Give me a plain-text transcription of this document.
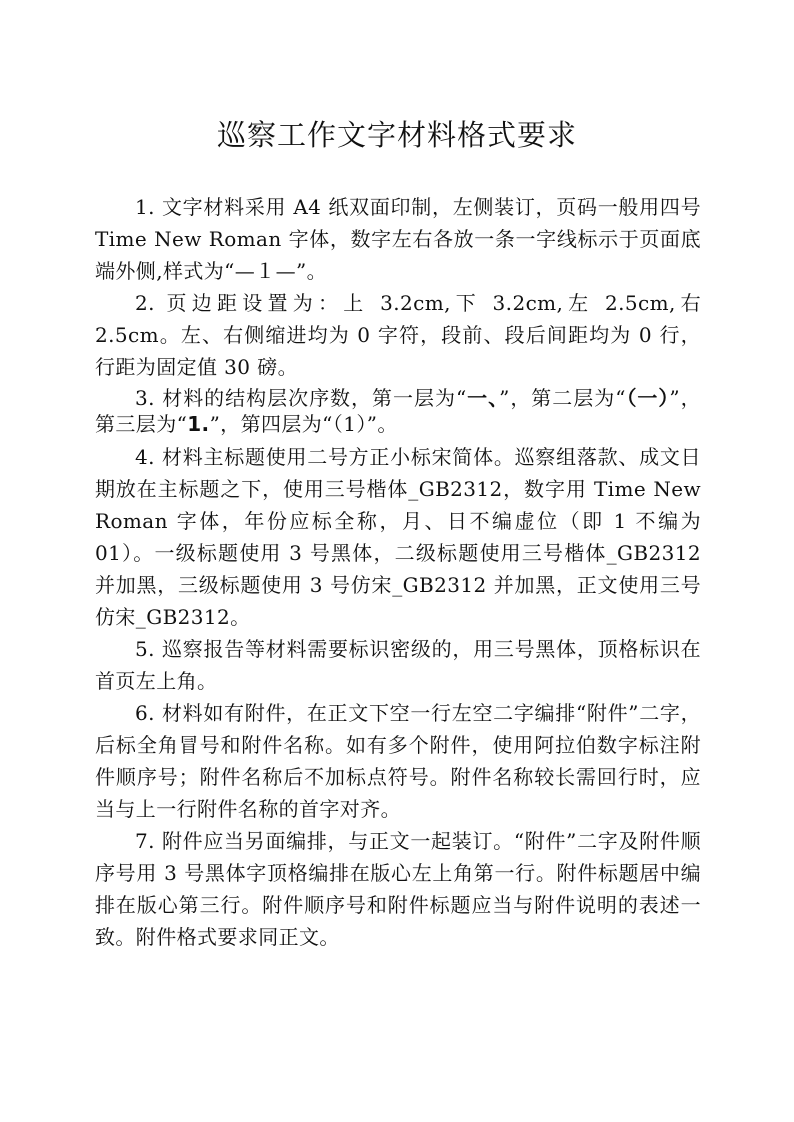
巡察工作文字材料格式要求

1. 文字材料采用 A4 纸双面印制，左侧装订，页码一般用四号Time New Roman 字体，数字左右各放一条一字线标示于页面底端外侧,样式为“—１—”。

2. 页边距设置为：上 3.2cm,下 3.2cm,左 2.5cm,右 2.5cm。左、右侧缩进均为 0 字符，段前、段后间距均为 0 行，行距为固定值 30 磅。

3. 材料的结构层次序数，第一层为“一、”，第二层为“（一）”，第三层为“1.”，第四层为“（1）”。

4. 材料主标题使用二号方正小标宋简体。巡察组落款、成文日期放在主标题之下，使用三号楷体_GB2312，数字用 Time New Roman 字体，年份应标全称，月、日不编虚位（即 1 不编为 01）。一级标题使用 3 号黑体，二级标题使用三号楷体_GB2312 并加黑，三级标题使用 3 号仿宋_GB2312 并加黑，正文使用三号仿宋_GB2312。

5. 巡察报告等材料需要标识密级的，用三号黑体，顶格标识在首页左上角。

6. 材料如有附件，在正文下空一行左空二字编排“附件”二字，后标全角冒号和附件名称。如有多个附件，使用阿拉伯数字标注附件顺序号；附件名称后不加标点符号。附件名称较长需回行时，应当与上一行附件名称的首字对齐。

7. 附件应当另面编排，与正文一起装订。“附件”二字及附件顺序号用 3 号黑体字顶格编排在版心左上角第一行。附件标题居中编排在版心第三行。附件顺序号和附件标题应当与附件说明的表述一致。附件格式要求同正文。
